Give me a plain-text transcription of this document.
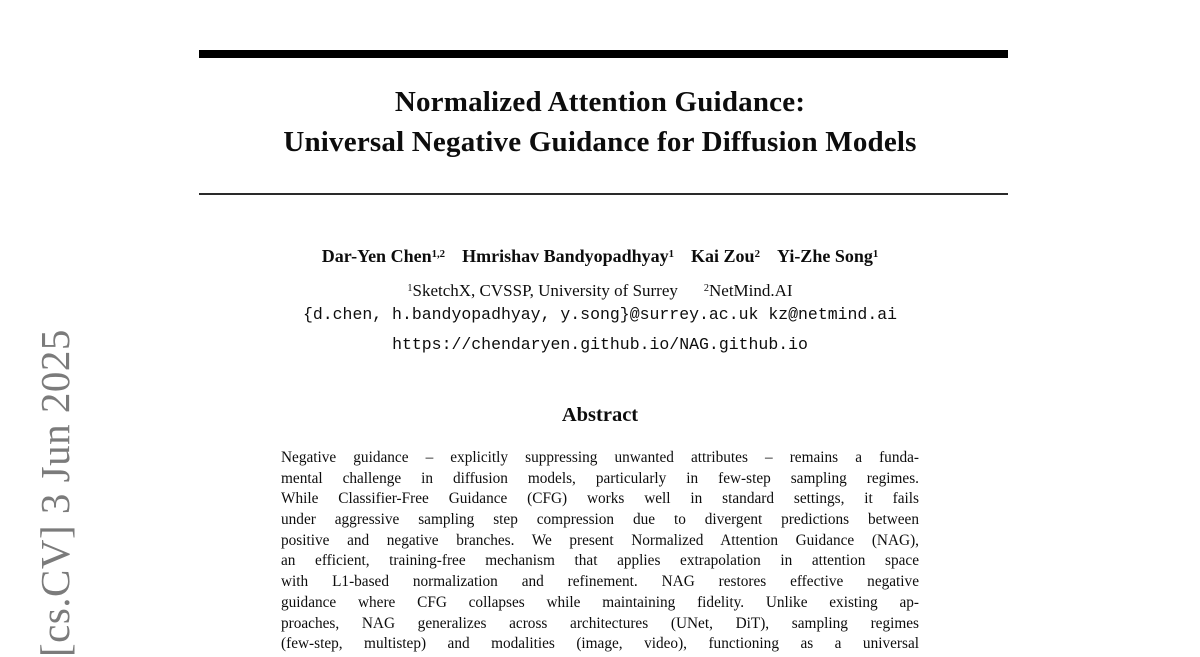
[cs.CV] 3 Jun 2025
Normalized Attention Guidance:
Universal Negative Guidance for Diffusion Models
Dar-Yen Chen$^{1,2}$ Hmrishav Bandyopadhyay$^1$ Kai Zou$^2$ Yi-Zhe Song$^1$
$^1$SketchX, CVSSP, University of Surrey	$^2$NetMind.AI
{d.chen, h.bandyopadhyay, y.song}@surrey.ac.uk kz@netmind.ai
https://chendaryen.github.io/NAG.github.io
Abstract
Negative guidance – explicitly suppressing unwanted attributes – remains a funda-
mental challenge in diffusion models, particularly in few-step sampling regimes.
While Classifier-Free Guidance (CFG) works well in standard settings, it fails
under aggressive sampling step compression due to divergent predictions between
positive and negative branches. We present Normalized Attention Guidance (NAG),
an efficient, training-free mechanism that applies extrapolation in attention space
with L1-based normalization and refinement. NAG restores effective negative
guidance where CFG collapses while maintaining fidelity. Unlike existing ap-
proaches, NAG generalizes across architectures (UNet, DiT), sampling regimes
(few-step, multistep) and modalities (image, video), functioning as a universal
